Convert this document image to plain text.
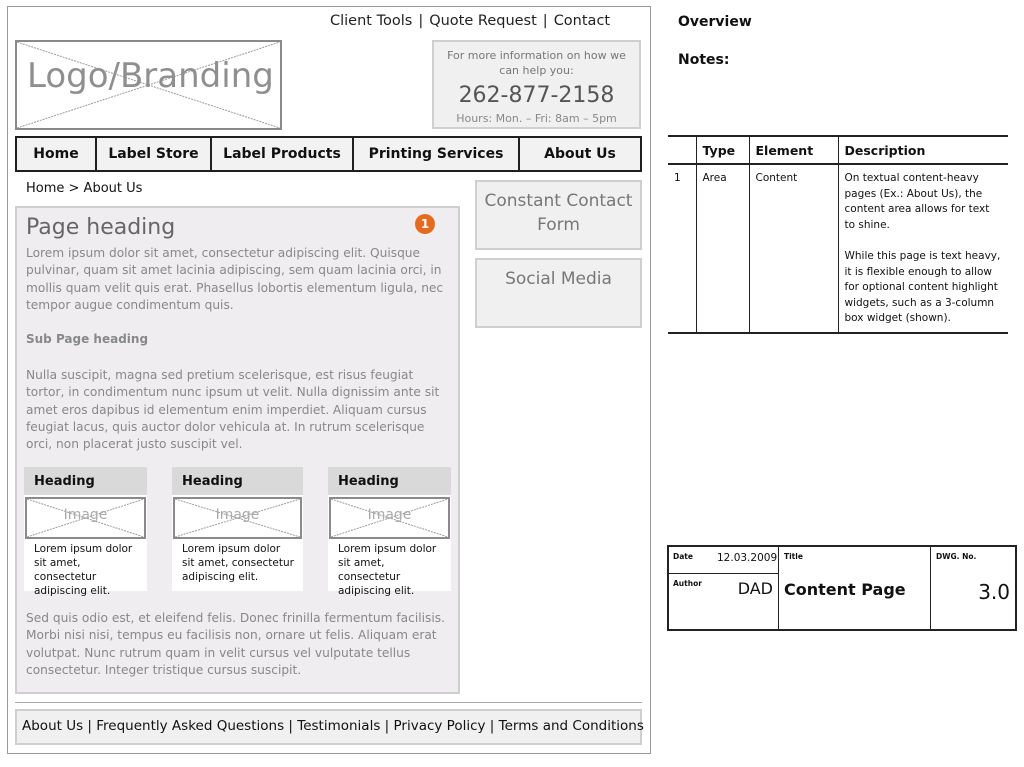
Client Tools | Quote Request | Contact
Logo/Branding
For more information on how we can help you:
262-877-2158
Hours: Mon. – Fri: 8am – 5pm
Home	Label Store	Label Products	Printing Services	About Us
Home > About Us
Page heading	1
Lorem ipsum dolor sit amet, consectetur adipiscing elit. Quisque pulvinar, quam sit amet lacinia adipiscing, sem quam lacinia orci, in mollis quam velit quis erat. Phasellus lobortis elementum ligula, nec tempor augue condimentum quis.
Sub Page heading
Nulla suscipit, magna sed pretium scelerisque, est risus feugiat tortor, in condimentum nunc ipsum ut velit. Nulla dignissim ante sit amet eros dapibus id elementum enim imperdiet. Aliquam cursus feugiat lacus, quis auctor dolor vehicula at. In rutrum scelerisque orci, non placerat justo suscipit vel.
Heading
Image
Lorem ipsum dolor sit amet, consectetur adipiscing elit.
Heading
Image
Lorem ipsum dolor sit amet, consectetur adipiscing elit.
Heading
Image
Lorem ipsum dolor sit amet, consectetur adipiscing elit.
Sed quis odio est, et eleifend felis. Donec frinilla fermentum facilisis. Morbi nisi nisi, tempus eu facilisis non, ornare ut felis. Aliquam erat volutpat. Nunc rutrum quam in velit cursus vel vulputate tellus consectetur. Integer tristique cursus suscipit.
Constant Contact Form
Social Media
About Us | Frequently Asked Questions | Testimonials | Privacy Policy | Terms and Conditions
Overview
Notes:
	Type	Element	Description
1	Area	Content	On textual content-heavy pages (Ex.: About Us), the content area allows for text to shine.
While this page is text heavy, it is flexible enough to allow for optional content highlight widgets, such as a 3-column box widget (shown).
Date 12.03.2009
Author DAD
Title
Content Page
DWG. No.
3.0
